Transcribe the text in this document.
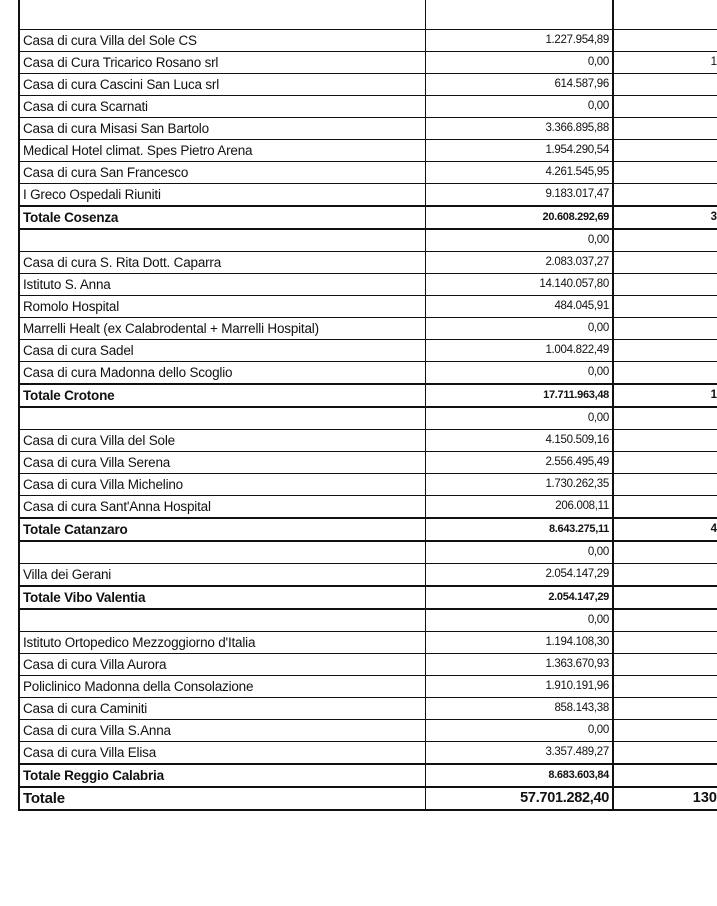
Casa di cura Villa del Sole CS	1.227.954,89	
Casa di Cura Tricarico Rosano srl	0,00	1
Casa di cura Cascini San Luca srl	614.587,96	
Casa di cura Scarnati	0,00	
Casa di cura Misasi San Bartolo	3.366.895,88	
Medical Hotel climat. Spes Pietro Arena	1.954.290,54	
Casa di cura San Francesco	4.261.545,95	
I Greco Ospedali Riuniti	9.183.017,47	
Totale Cosenza	20.608.292,69	3
	0,00	
Casa di cura S. Rita Dott. Caparra	2.083.037,27	
Istituto S. Anna	14.140.057,80	
Romolo Hospital	484.045,91	
Marrelli Healt (ex Calabrodental + Marrelli Hospital)	0,00	
Casa di cura Sadel	1.004.822,49	
Casa di cura Madonna dello Scoglio	0,00	
Totale Crotone	17.711.963,48	1
	0,00	
Casa di cura Villa del Sole	4.150.509,16	
Casa di cura Villa Serena	2.556.495,49	
Casa di cura Villa Michelino	1.730.262,35	
Casa di cura Sant'Anna Hospital	206.008,11	
Totale Catanzaro	8.643.275,11	4
	0,00	
Villa dei Gerani	2.054.147,29	
Totale Vibo Valentia	2.054.147,29	
	0,00	
Istituto Ortopedico Mezzoggiorno d'Italia	1.194.108,30	
Casa di cura Villa Aurora	1.363.670,93	
Policlinico Madonna della Consolazione	1.910.191,96	
Casa di cura Caminiti	858.143,38	
Casa di cura Villa S.Anna	0,00	
Casa di cura Villa Elisa	3.357.489,27	
Totale Reggio Calabria	8.683.603,84	
Totale	57.701.282,40	130
